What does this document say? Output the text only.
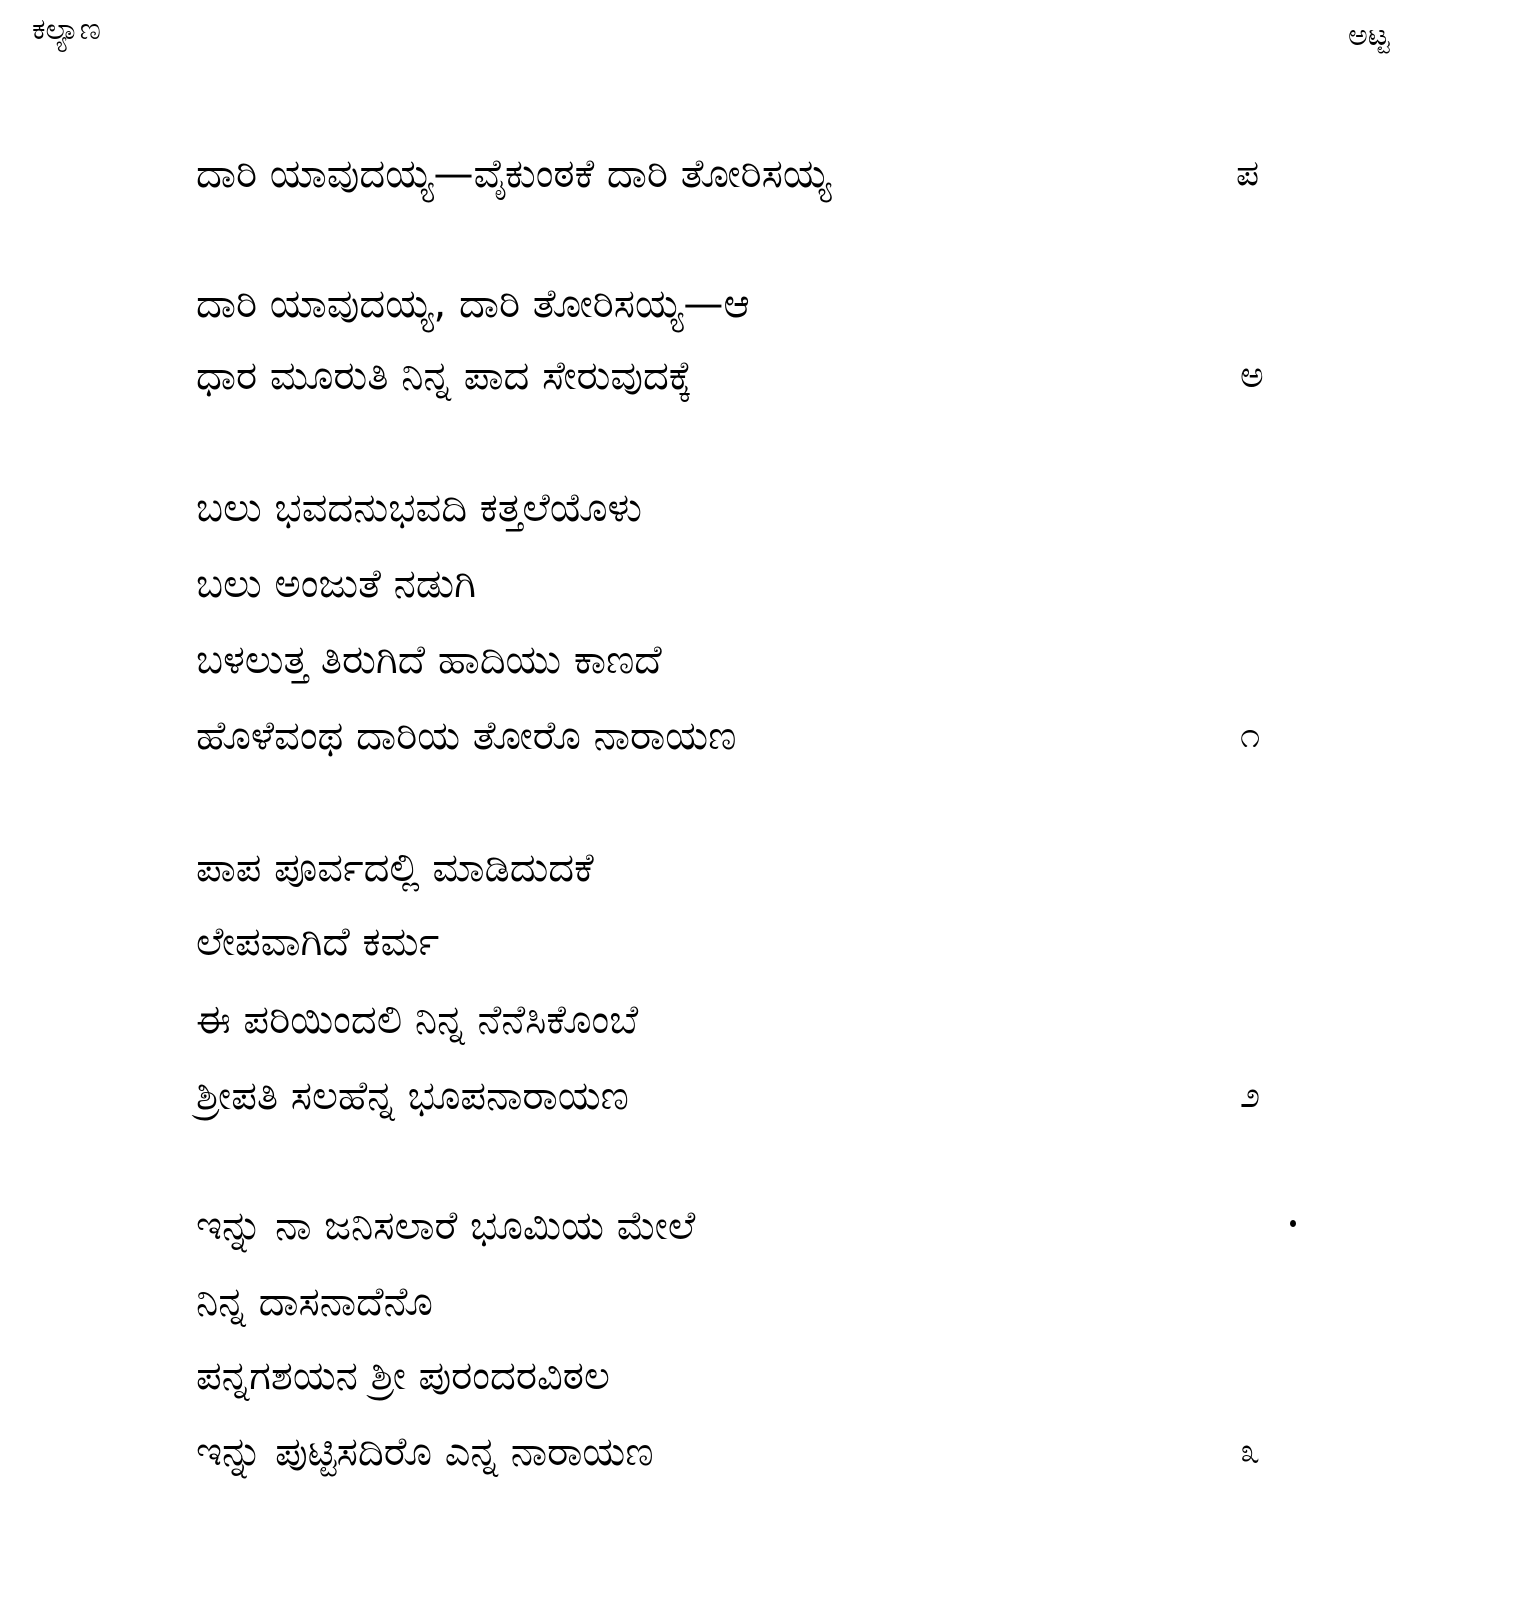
ಕಲ್ಯಾಣ	ಅಟ್ಟ
ದಾರಿ ಯಾವುದಯ್ಯ—ವೈಕುಂಠಕೆ ದಾರಿ ತೋರಿಸಯ್ಯ	ಪ
ದಾರಿ ಯಾವುದಯ್ಯ, ದಾರಿ ತೋರಿಸಯ್ಯ—ಆ
ಧಾರ ಮೂರುತಿ ನಿನ್ನ ಪಾದ ಸೇರುವುದಕ್ಕೆ	ಅ
ಬಲು ಭವದನುಭವದಿ ಕತ್ತಲೆಯೊಳು
ಬಲು ಅಂಜುತೆ ನಡುಗಿ
ಬಳಲುತ್ತ ತಿರುಗಿದೆ ಹಾದಿಯು ಕಾಣದೆ
ಹೊಳೆವಂಥ ದಾರಿಯ ತೋರೊ ನಾರಾಯಣ	೧
ಪಾಪ ಪೂರ್ವದಲ್ಲಿ ಮಾಡಿದುದಕೆ
ಲೇಪವಾಗಿದೆ ಕರ್ಮ
ಈ ಪರಿಯಿಂದಲಿ ನಿನ್ನ ನೆನೆಸಿಕೊಂಬೆ
ಶ್ರೀಪತಿ ಸಲಹೆನ್ನ ಭೂಪನಾರಾಯಣ	೨
ಇನ್ನು ನಾ ಜನಿಸಲಾರೆ ಭೂಮಿಯ ಮೇಲೆ
ನಿನ್ನ ದಾಸನಾದೆನೊ
ಪನ್ನಗಶಯನ ಶ್ರೀ ಪುರಂದರವಿಠಲ
ಇನ್ನು ಪುಟ್ಟಿಸದಿರೊ ಎನ್ನ ನಾರಾಯಣ	೩
